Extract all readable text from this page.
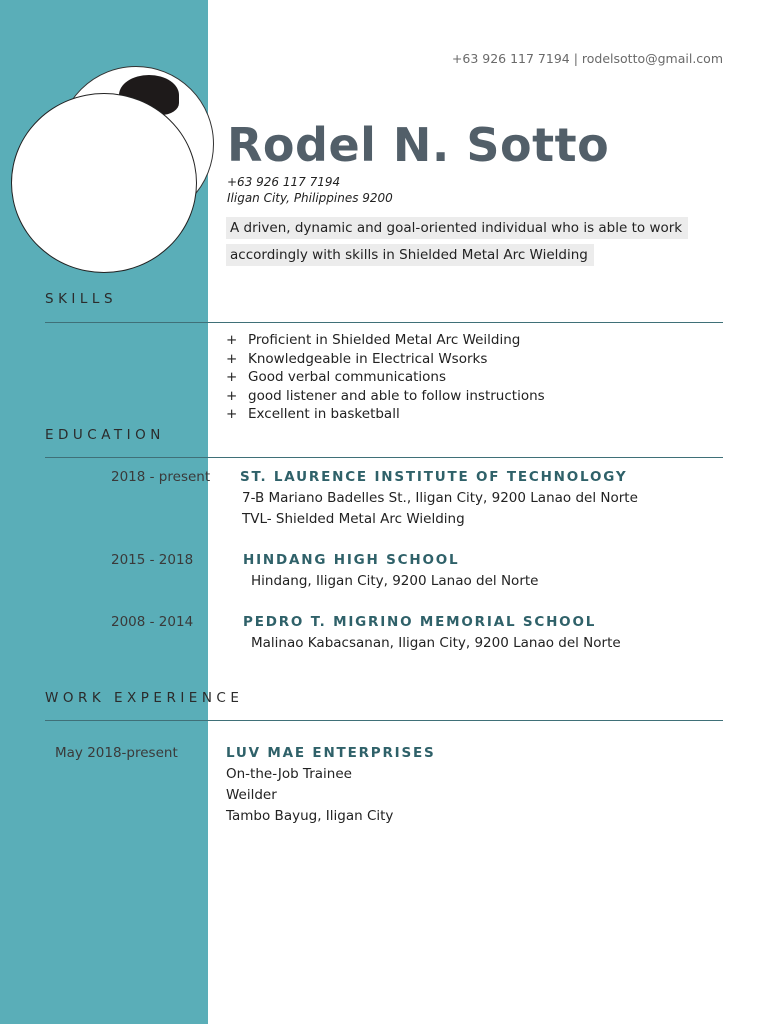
+63 926 117 7194 | rodelsotto@gmail.com
Rodel N. Sotto
+63 926 117 7194
Iligan City, Philippines 9200
A driven, dynamic and goal-oriented individual who is able to work accordingly with skills in Shielded Metal Arc Wielding
SKILLS
+ Proficient in Shielded Metal Arc Weilding
+ Knowledgeable in Electrical Wsorks
+ Good verbal communications
+ good listener and able to follow instructions
+ Excellent in basketball
EDUCATION
2018 - present ST. LAURENCE INSTITUTE OF TECHNOLOGY
7-B Mariano Badelles St., Iligan City, 9200 Lanao del Norte
TVL- Shielded Metal Arc Wielding
2015 - 2018	HINDANG HIGH SCHOOL
Hindang, Iligan City, 9200 Lanao del Norte
2008 - 2014	PEDRO T. MIGRINO MEMORIAL SCHOOL
Malinao Kabacsanan, Iligan City, 9200 Lanao del Norte
WORK EXPERIENCE
May 2018-present	LUV MAE ENTERPRISES
On-the-Job Trainee
Weilder
Tambo Bayug, Iligan City
